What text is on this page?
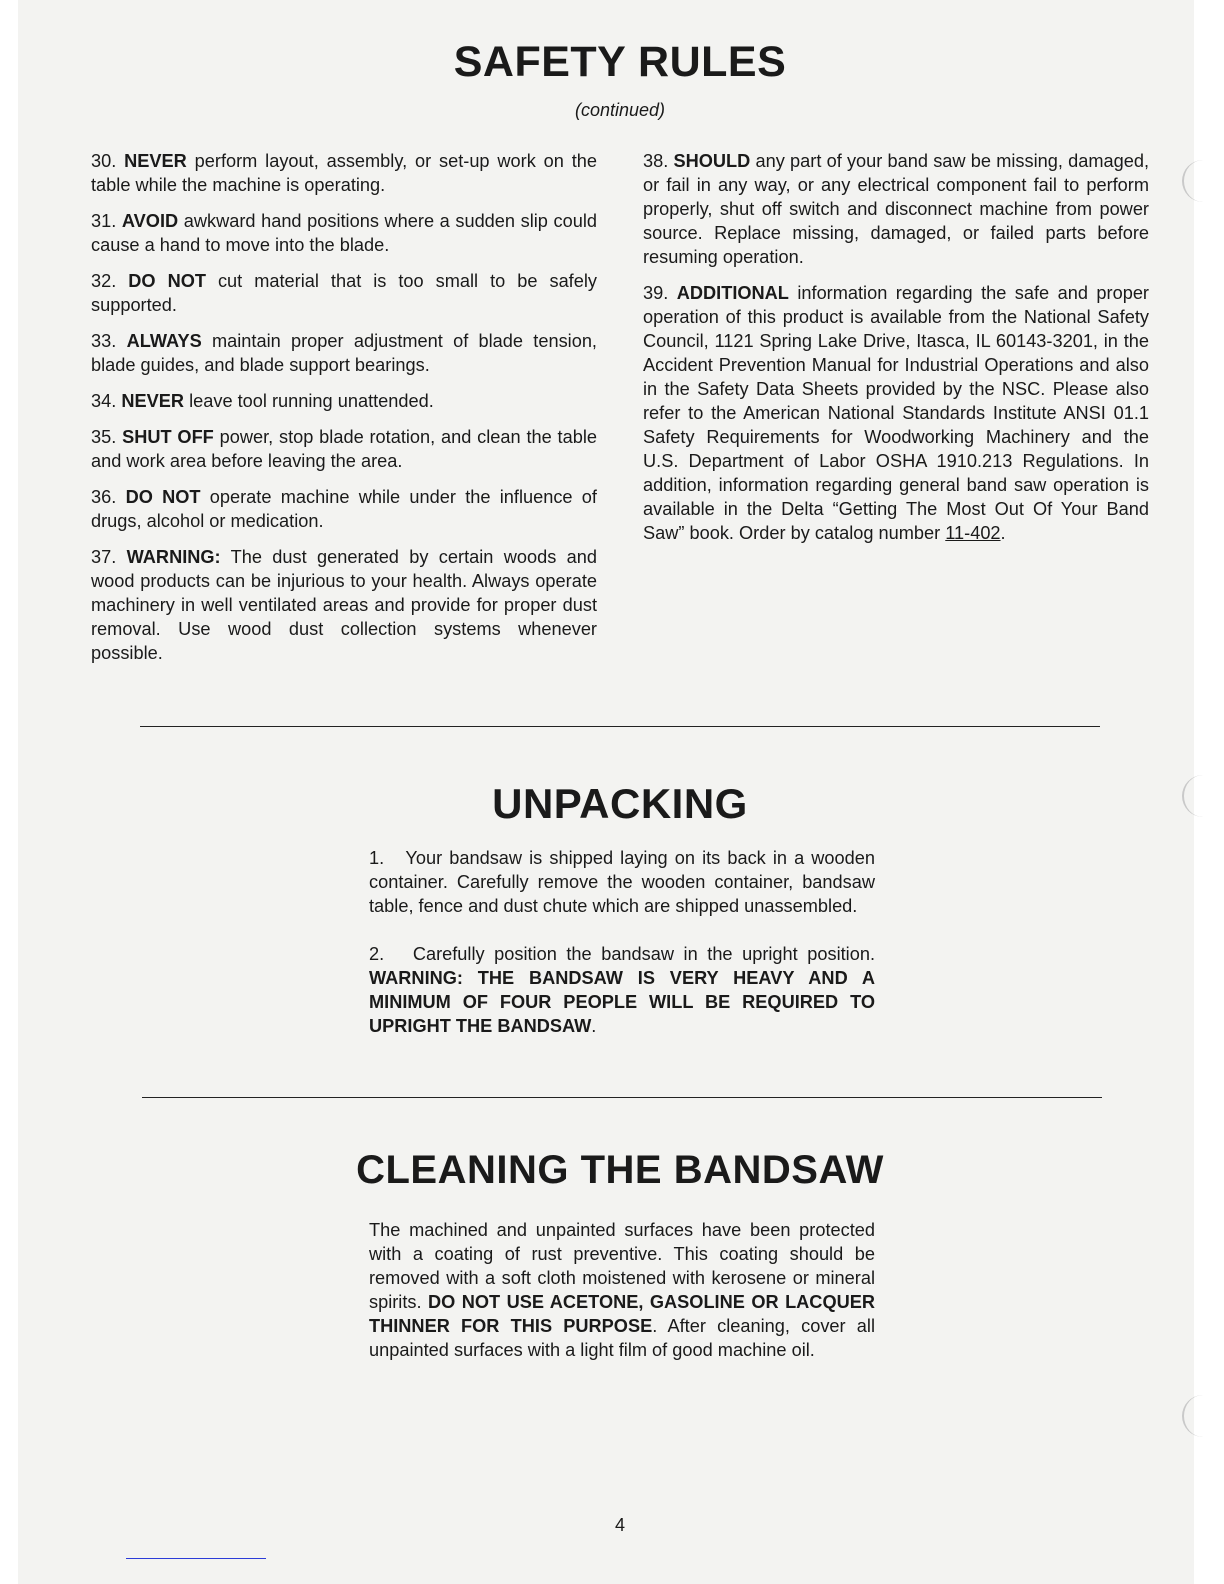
SAFETY RULES

(continued)

30. NEVER perform layout, assembly, or set-up work on the table while the machine is operating.

31. AVOID awkward hand positions where a sudden slip could cause a hand to move into the blade.

32. DO NOT cut material that is too small to be safely supported.

33. ALWAYS maintain proper adjustment of blade tension, blade guides, and blade support bearings.

34. NEVER leave tool running unattended.

35. SHUT OFF power, stop blade rotation, and clean the table and work area before leaving the area.

36. DO NOT operate machine while under the influence of drugs, alcohol or medication.

37. WARNING: The dust generated by certain woods and wood products can be injurious to your health. Always operate machinery in well ventilated areas and provide for proper dust removal. Use wood dust collection systems whenever possible.

38. SHOULD any part of your band saw be missing, damaged, or fail in any way, or any electrical component fail to perform properly, shut off switch and disconnect machine from power source. Replace missing, damaged, or failed parts before resuming operation.

39. ADDITIONAL information regarding the safe and proper operation of this product is available from the National Safety Council, 1121 Spring Lake Drive, Itasca, IL 60143-3201, in the Accident Prevention Manual for Industrial Operations and also in the Safety Data Sheets provided by the NSC. Please also refer to the American National Standards Institute ANSI 01.1 Safety Requirements for Woodworking Machinery and the U.S. Department of Labor OSHA 1910.213 Regulations. In addition, information regarding general band saw operation is available in the Delta “Getting The Most Out Of Your Band Saw” book. Order by catalog number 11-402.

UNPACKING

1.   Your bandsaw is shipped laying on its back in a wooden container. Carefully remove the wooden container, bandsaw table, fence and dust chute which are shipped unassembled.

2.   Carefully position the bandsaw in the upright position. WARNING: THE BANDSAW IS VERY HEAVY AND A MINIMUM OF FOUR PEOPLE WILL BE REQUIRED TO UPRIGHT THE BANDSAW.

CLEANING THE BANDSAW

The machined and unpainted surfaces have been protected with a coating of rust preventive. This coating should be removed with a soft cloth moistened with kerosene or mineral spirits. DO NOT USE ACETONE, GASOLINE OR LACQUER THINNER FOR THIS PURPOSE. After cleaning, cover all unpainted surfaces with a light film of good machine oil.

4
